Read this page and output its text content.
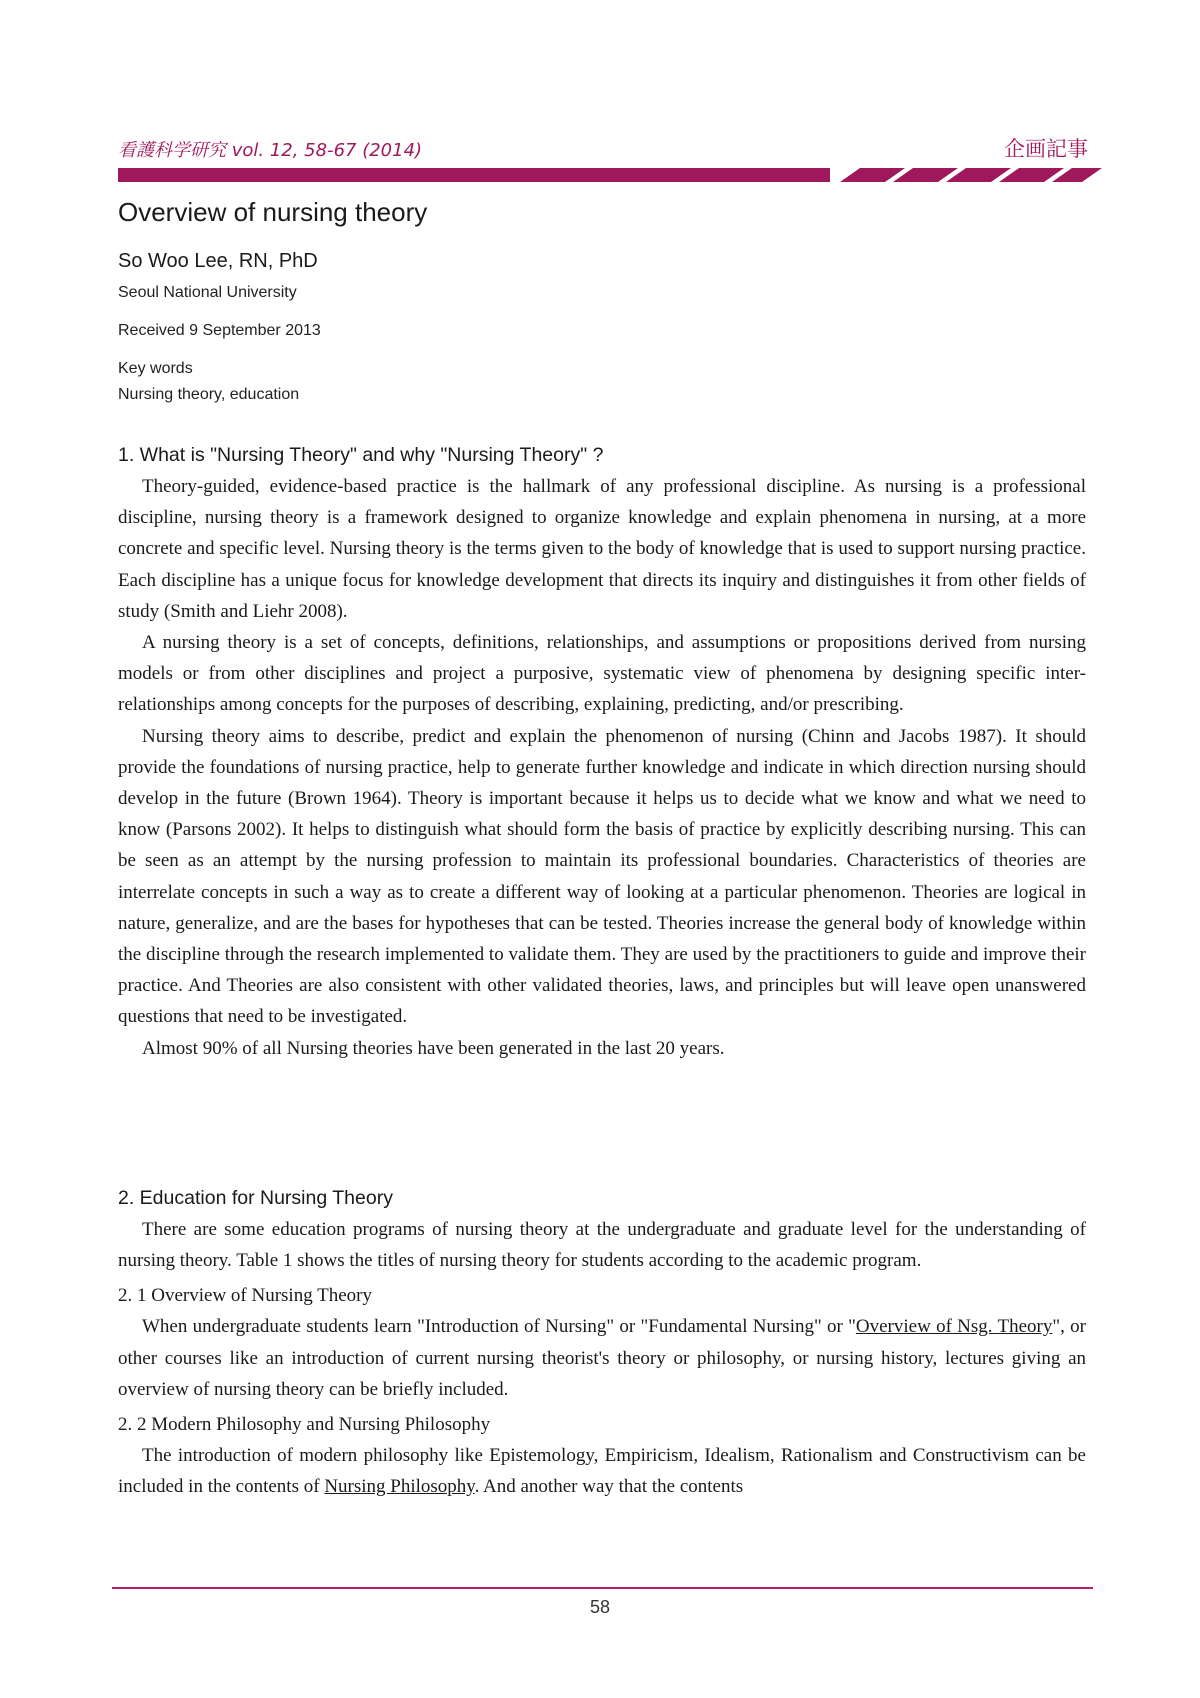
看護科学研究 vol. 12, 58-67 (2014)	企画記事
Overview of nursing theory
So Woo Lee, RN, PhD
Seoul National University
Received 9 September 2013
Key words
Nursing theory, education
1. What is "Nursing Theory" and why "Nursing Theory" ?

Theory-guided, evidence-based practice is the hallmark of any professional discipline. As nursing is a professional discipline, nursing theory is a framework designed to organize knowledge and explain phenomena in nursing, at a more concrete and specific level. Nursing theory is the terms given to the body of knowledge that is used to support nursing practice. Each discipline has a unique focus for knowledge development that directs its inquiry and distinguishes it from other fields of study (Smith and Liehr 2008).

A nursing theory is a set of concepts, definitions, relationships, and assumptions or propositions derived from nursing models or from other disciplines and project a purposive, systematic view of phenomena by designing specific inter-relationships among concepts for the purposes of describing, explaining, predicting, and/or prescribing.

Nursing theory aims to describe, predict and explain the phenomenon of nursing (Chinn and Jacobs 1987). It should provide the foundations of nursing practice, help to generate further knowledge and indicate in which direction nursing should develop in the future (Brown 1964). Theory is important because it helps us to decide what we know and what we need to know (Parsons 2002). It helps to distinguish what should form the basis of practice by explicitly describing nursing. This can be seen as an attempt by the nursing profession to maintain its professional boundaries. Characteristics of theories are interrelate concepts in such a way as to create a different way of looking at a particular phenomenon. Theories are logical in nature, generalize, and are the bases for hypotheses that can be tested. Theories increase the general body of knowledge within the discipline through the research implemented to validate them. They are used by the practitioners to guide and improve their practice. And Theories are also consistent with other validated theories, laws, and principles but will leave open unanswered questions that need to be investigated.

Almost 90% of all Nursing theories have been generated in the last 20 years.

2. Education for Nursing Theory

There are some education programs of nursing theory at the undergraduate and graduate level for the understanding of nursing theory. Table 1 shows the titles of nursing theory for students according to the academic program.

2. 1 Overview of Nursing Theory

When undergraduate students learn "Introduction of Nursing" or "Fundamental Nursing" or "Overview of Nsg. Theory", or other courses like an introduction of current nursing theorist's theory or philosophy, or nursing history, lectures giving an overview of nursing theory can be briefly included.

2. 2 Modern Philosophy and Nursing Philosophy

The introduction of modern philosophy like Epistemology, Empiricism, Idealism, Rationalism and Constructivism can be included in the contents of Nursing Philosophy. And another way that the contents

58
